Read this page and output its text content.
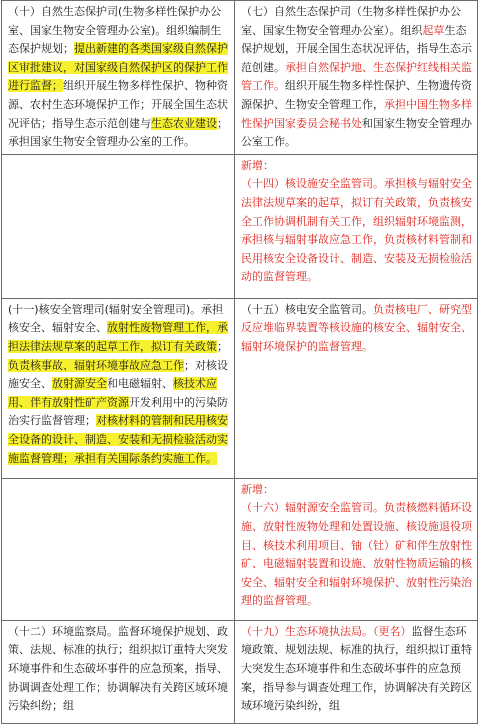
（十）自然生态保护司(生物多样性保护办公室、国家生物安全管理办公室)。组织编制生态保护规划；提出新建的各类国家级自然保护区审批建议，对国家级自然保护区的保护工作进行监督；组织开展生物多样性保护、物种资源、农村生态环境保护工作；开展全国生态状况评估；指导生态示范创建与生态农业建设；承担国家生物安全管理办公室的工作。	（七）自然生态保护司（生物多样性保护办公室、国家生物安全管理办公室）。组织起草生态保护规划，开展全国生态状况评估，指导生态示范创建。承担自然保护地、生态保护红线相关监管工作。组织开展生物多样性保护、生物遗传资源保护、生物安全管理工作，承担中国生物多样性保护国家委员会秘书处和国家生物安全管理办公室工作。

	新增：
（十四）核设施安全监管司。承担核与辐射安全法律法规草案的起草，拟订有关政策，负责核安全工作协调机制有关工作，组织辐射环境监测，承担核与辐射事故应急工作，负责核材料管制和民用核安全设备设计、制造、安装及无损检验活动的监督管理。
(十一)核安全管理司(辐射安全管理司)。承担核安全、辐射安全、放射性废物管理工作，承担法律法规草案的起草工作，拟订有关政策；负责核事故、辐射环境事故应急工作；对核设施安全、放射源安全和电磁辐射、核技术应用、伴有放射性矿产资源开发利用中的污染防治实行监督管理；对核材料的管制和民用核安全设备的设计、制造、安装和无损检验活动实施监督管理；承担有关国际条约实施工作。	（十五）核电安全监管司。负责核电厂、研究型反应堆临界装置等核设施的核安全、辐射安全、辐射环境保护的监督管理。

	新增：
（十六）辐射源安全监管司。负责核燃料循环设施、放射性废物处理和处置设施、核设施退役项目、核技术利用项目、铀（钍）矿和伴生放射性矿、电磁辐射装置和设施、放射性物质运输的核安全、辐射安全和辐射环境保护、放射性污染治理的监督管理。
（十二）环境监察局。监督环境保护规划、政策、法规、标准的执行；组织拟订重特大突发环境事件和生态破坏事件的应急预案，指导、协调调查处理工作；协调解决有关跨区域环境污染纠纷；组	（十九）生态环境执法局。（更名）监督生态环境政策、规划法规、标准的执行，组织拟订重特大突发生态环境事件和生态破坏事件的应急预案，指导参与调查处理工作，协调解决有关跨区域环境污染纠纷，组
